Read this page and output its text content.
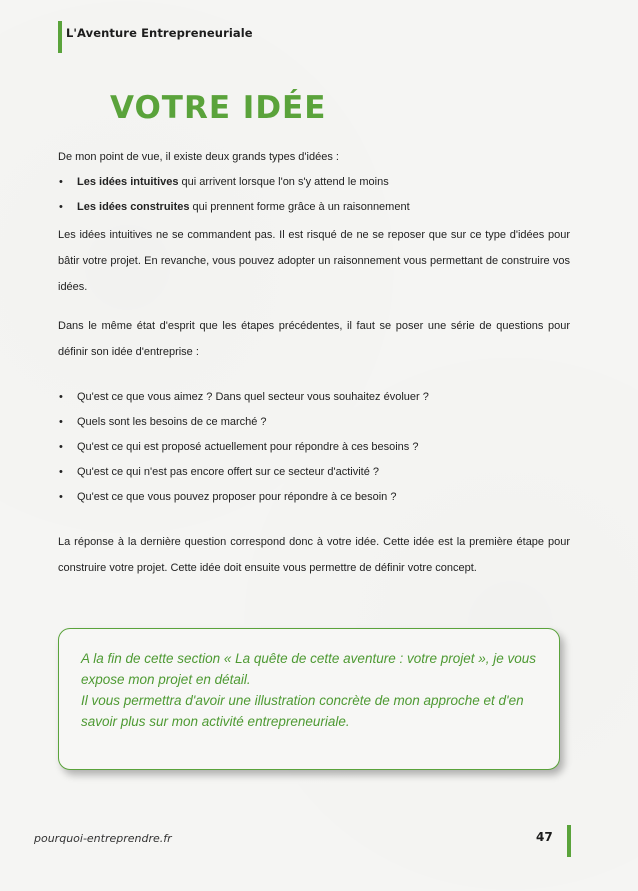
L'Aventure Entrepreneuriale
VOTRE IDÉE

De mon point de vue, il existe deux grands types d'idées :

• Les idées intuitives qui arrivent lorsque l'on s'y attend le moins
• Les idées construites qui prennent forme grâce à un raisonnement

Les idées intuitives ne se commandent pas. Il est risqué de ne se reposer que sur ce type d'idées pour bâtir votre projet. En revanche, vous pouvez adopter un raisonnement vous permettant de construire vos idées.

Dans le même état d'esprit que les étapes précédentes, il faut se poser une série de questions pour définir son idée d'entreprise :

• Qu'est ce que vous aimez ? Dans quel secteur vous souhaitez évoluer ?
• Quels sont les besoins de ce marché ?
• Qu'est ce qui est proposé actuellement pour répondre à ces besoins ?
• Qu'est ce qui n'est pas encore offert sur ce secteur d'activité ?
• Qu'est ce que vous pouvez proposer pour répondre à ce besoin ?

La réponse à la dernière question correspond donc à votre idée. Cette idée est la première étape pour construire votre projet. Cette idée doit ensuite vous permettre de définir votre concept.

A la fin de cette section « La quête de cette aventure : votre projet », je vous expose mon projet en détail.

Il vous permettra d'avoir une illustration concrète de mon approche et d'en savoir plus sur mon activité entrepreneuriale.

pourquoi-entreprendre.fr	47
